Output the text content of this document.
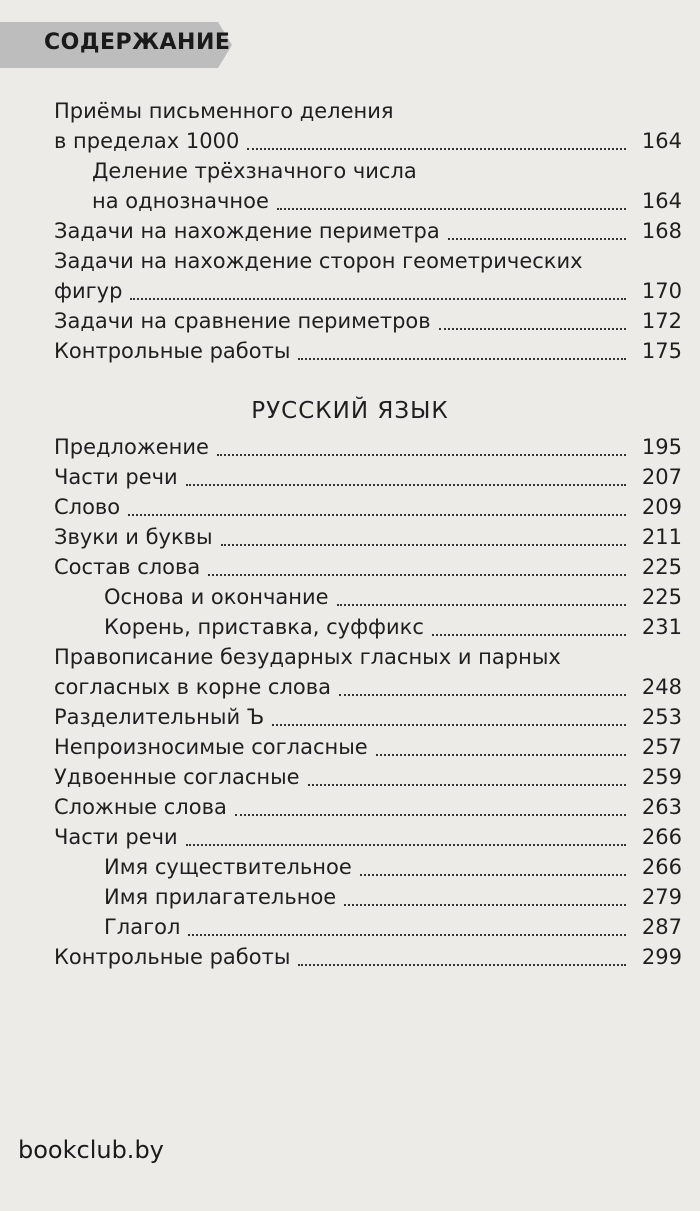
СОДЕРЖАНИЕ
Приёмы письменного деления
в пределах 1000	164
Деление трёхзначного числа
на однозначное	164
Задачи на нахождение периметра	168
Задачи на нахождение сторон геометрических
фигур	170
Задачи на сравнение периметров	172
Контрольные работы	175
Предложение	195
Части речи	207
Слово	209
Звуки и буквы	211
Состав слова	225
Основа и окончание	225
Корень, приставка, суффикс	231
Правописание безударных гласных и парных
согласных в корне слова	248
Разделительный Ъ	253
Непроизносимые согласные	257
Удвоенные согласные	259
Сложные слова	263
Части речи	266
Имя существительное	266
Имя прилагательное	279
Глагол	287
Контрольные работы	299
РУССКИЙ ЯЗЫК
bookclub.by
